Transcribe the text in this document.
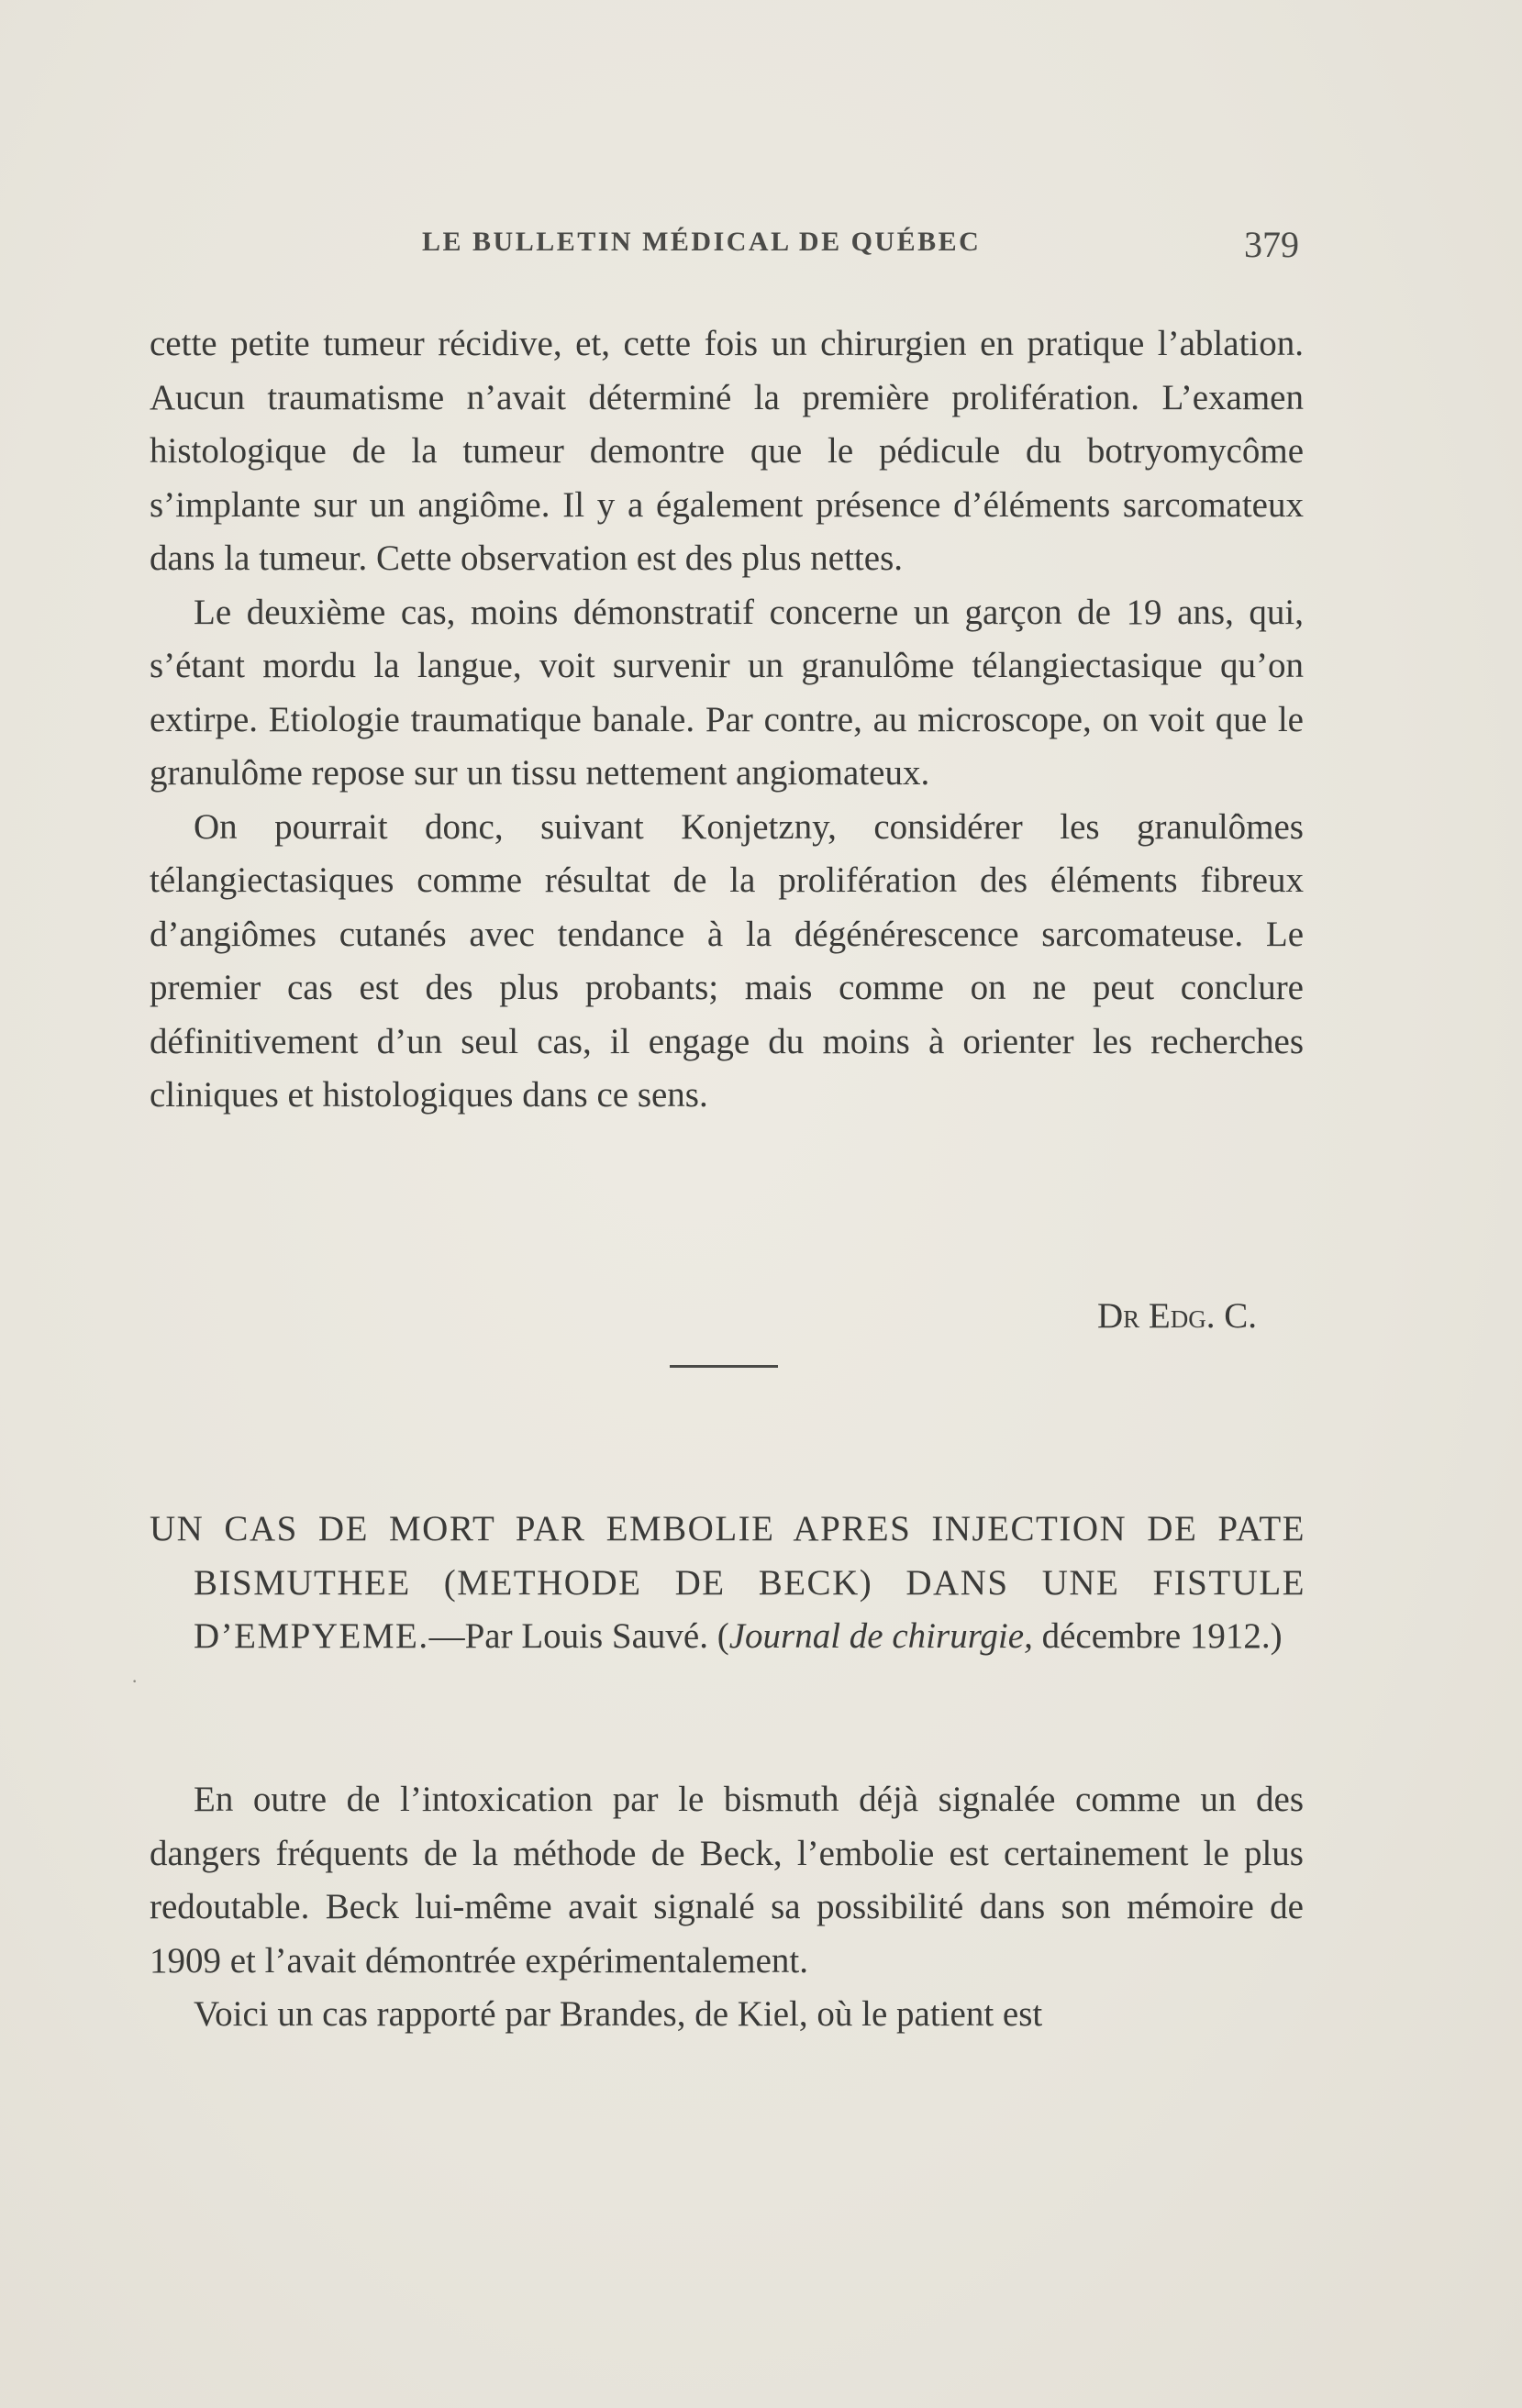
LE BULLETIN MÉDICAL DE QUÉBEC	379

cette petite tumeur récidive, et, cette fois un chirurgien en pratique l’ablation. Aucun traumatisme n’avait déterminé la première prolifération. L’examen histologique de la tumeur demontre que le pédicule du botryomycôme s’implante sur un angiôme. Il y a également présence d’éléments sarcomateux dans la tumeur. Cette observation est des plus nettes.

Le deuxième cas, moins démonstratif concerne un garçon de 19 ans, qui, s’étant mordu la langue, voit survenir un granulôme télangiectasique qu’on extirpe. Etiologie traumatique banale. Par contre, au microscope, on voit que le granulôme repose sur un tissu nettement angiomateux.

On pourrait donc, suivant Konjetzny, considérer les granulômes télangiectasiques comme résultat de la prolifération des éléments fibreux d’angiômes cutanés avec tendance à la dégénérescence sarcomateuse. Le premier cas est des plus probants; mais comme on ne peut conclure définitivement d’un seul cas, il engage du moins à orienter les recherches cliniques et histologiques dans ce sens.

Dr Edg. C.
UN CAS DE MORT PAR EMBOLIE APRES INJECTION DE PATE BISMUTHEE (METHODE DE BECK) DANS UNE FISTULE D’EMPYEME.—Par Louis Sauvé. (Journal de chirurgie, décembre 1912.)

En outre de l’intoxication par le bismuth déjà signalée comme un des dangers fréquents de la méthode de Beck, l’embolie est certainement le plus redoutable. Beck lui-même avait signalé sa possibilité dans son mémoire de 1909 et l’avait démontrée expérimentalement.

Voici un cas rapporté par Brandes, de Kiel, où le patient est

·
